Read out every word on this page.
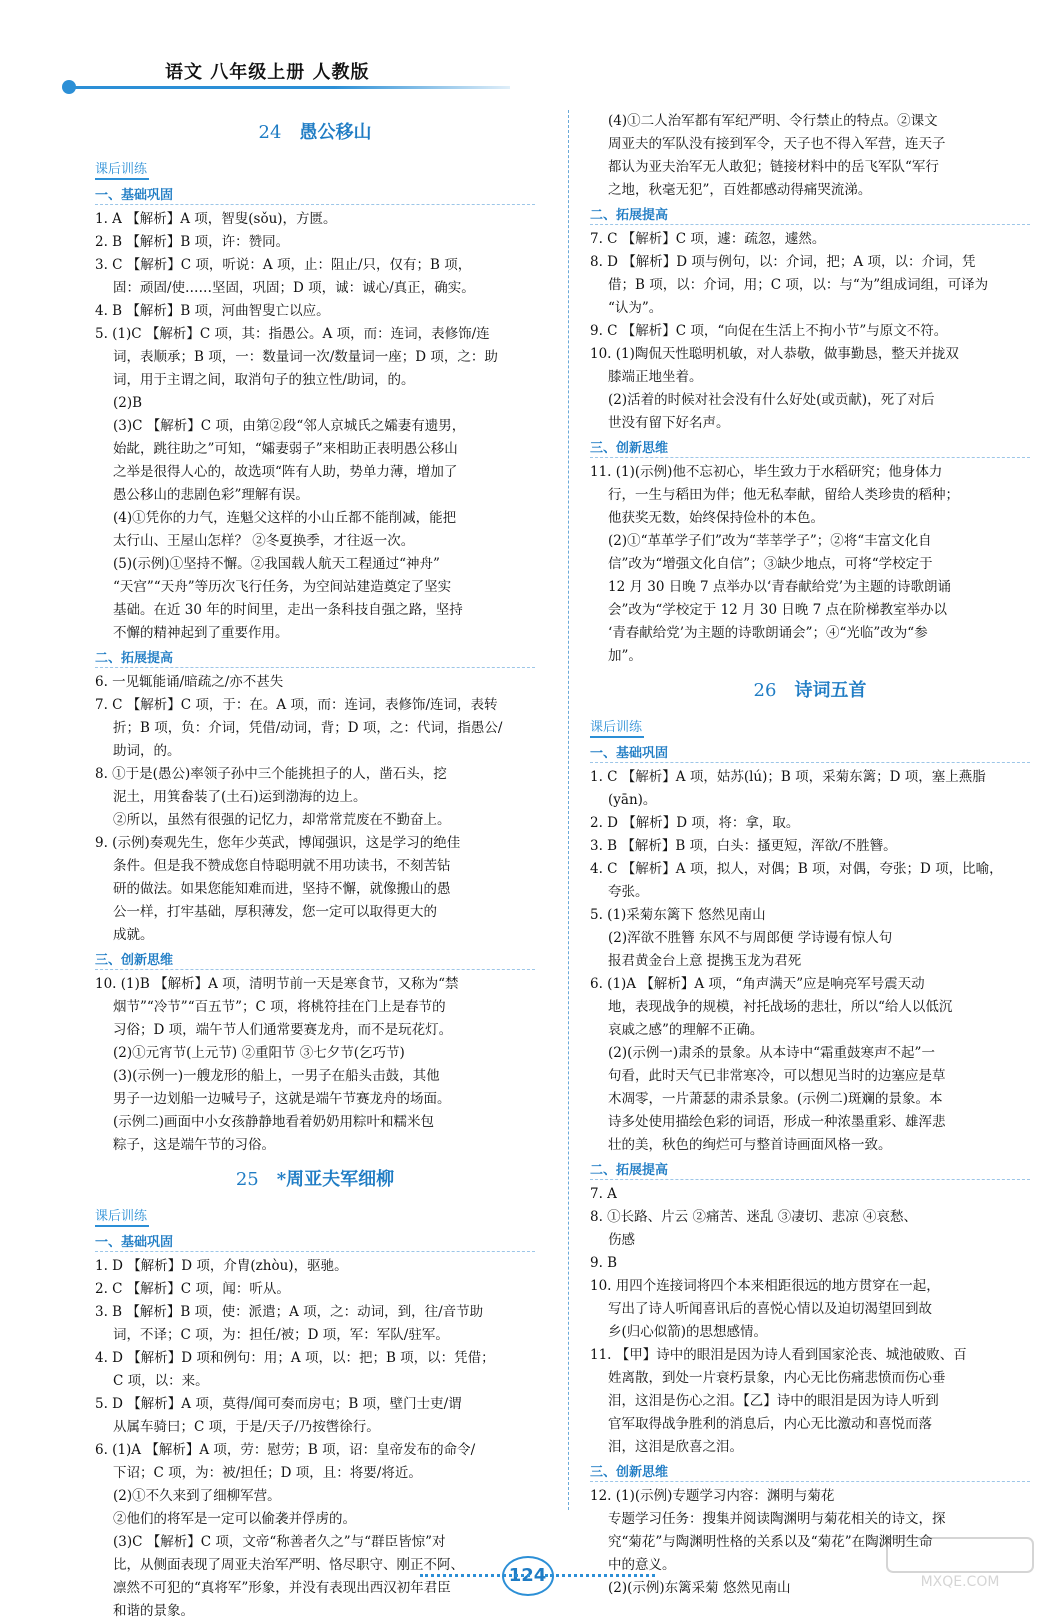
语文 八年级上册 人教版
24 愚公移山
课后训练
一、基础巩固
1. A 【解析】A 项，智叟(sǒu)，方匮。
2. B 【解析】B 项，许：赞同。
3. C 【解析】C 项，听说：A 项，止：阻止/只，仅有；B 项，
固：顽固/使……坚固，巩固；D 项，诚：诚心/真正，确实。
4. B 【解析】B 项，河曲智叟亡以应。
5. (1)C 【解析】C 项，其：指愚公。A 项，而：连词，表修饰/连
词，表顺承；B 项，一：数量词一次/数量词一座；D 项，之：助
词，用于主谓之间，取消句子的独立性/助词，的。
(2)B
(3)C 【解析】C 项，由第②段“邻人京城氏之孀妻有遗男，
始龀，跳往助之”可知，“孀妻弱子”来相助正表明愚公移山
之举是很得人心的，故选项“阵有人助，势单力薄，增加了
愚公移山的悲剧色彩”理解有误。
(4)①凭你的力气，连魁父这样的小山丘都不能削减，能把
太行山、王屋山怎样？ ②冬夏换季，才往返一次。
(5)(示例)①坚持不懈。②我国载人航天工程通过“神舟”
“天宫”“天舟”等历次飞行任务，为空间站建造奠定了坚实
基础。在近 30 年的时间里，走出一条科技自强之路，坚持
不懈的精神起到了重要作用。
二、拓展提高
6. 一见辄能诵/暗疏之/亦不甚失
7. C 【解析】C 项，于：在。A 项，而：连词，表修饰/连词，表转
折；B 项，负：介词，凭借/动词，背；D 项，之：代词，指愚公/
助词，的。
8. ①于是(愚公)率领子孙中三个能挑担子的人，凿石头，挖
泥土，用箕畚装了(土石)运到渤海的边上。
②所以，虽然有很强的记忆力，却常常荒废在不勤奋上。
9. (示例)奏观先生，您年少英武，博闻强识，这是学习的绝佳
条件。但是我不赞成您自恃聪明就不用功读书，不刻苦钻
研的做法。如果您能知难而进，坚持不懈，就像搬山的愚
公一样，打牢基础，厚积薄发，您一定可以取得更大的
成就。
三、创新思维
10. (1)B 【解析】A 项，清明节前一天是寒食节，又称为“禁
烟节”“冷节”“百五节”；C 项，将桃符挂在门上是春节的
习俗；D 项，端午节人们通常要赛龙舟，而不是玩花灯。
(2)①元宵节(上元节) ②重阳节 ③七夕节(乞巧节)
(3)(示例一)一艘龙形的船上，一男子在船头击鼓，其他
男子一边划船一边喊号子，这就是端午节赛龙舟的场面。
(示例二)画面中小女孩静静地看着奶奶用粽叶和糯米包
粽子，这是端午节的习俗。
25 *周亚夫军细柳
课后训练
一、基础巩固
1. D 【解析】D 项，介胄(zhòu)，驱驰。
2. C 【解析】C 项，闻：听从。
3. B 【解析】B 项，使：派遣；A 项，之：动词，到，往/音节助
词，不译；C 项，为：担任/被；D 项，军：军队/驻军。
4. D 【解析】D 项和例句：用；A 项，以：把；B 项，以：凭借；
C 项，以：来。
5. D 【解析】A 项，莫得/闻可奏而房屯；B 项，壁门士吏/谓
从属车骑曰；C 项，于是/天子/乃按辔徐行。
6. (1)A 【解析】A 项，劳：慰劳；B 项，诏：皇帝发布的命令/
下诏；C 项，为：被/担任；D 项，且：将要/将近。
(2)①不久来到了细柳军营。
②他们的将军是一定可以偷袭并俘虏的。
(3)C 【解析】C 项，文帝“称善者久之”与“群臣皆惊”对
比，从侧面表现了周亚夫治军严明、恪尽职守、刚正不阿、
凛然不可犯的“真将军”形象，并没有表现出西汉初年君臣
和谐的景象。
(4)①二人治军都有军纪严明、令行禁止的特点。②课文
周亚夫的军队没有接到军令，天子也不得入军营，连天子
都认为亚夫治军无人敢犯；链接材料中的岳飞军队“军行
之地，秋毫无犯”，百姓都感动得痛哭流涕。
二、拓展提高
7. C 【解析】C 项，遽：疏忽，遽然。
8. D 【解析】D 项与例句，以：介词，把；A 项，以：介词，凭
借；B 项，以：介词，用；C 项，以：与“为”组成词组，可译为
“认为”。
9. C 【解析】C 项，“向促在生活上不拘小节”与原文不符。
10. (1)陶侃天性聪明机敏，对人恭敬，做事勤恳，整天并拢双
膝端正地坐着。
(2)活着的时候对社会没有什么好处(或贡献)，死了对后
世没有留下好名声。
三、创新思维
11. (1)(示例)他不忘初心，毕生致力于水稻研究；他身体力
行，一生与稻田为伴；他无私奉献，留给人类珍贵的稻种；
他获奖无数，始终保持俭朴的本色。
(2)①“革革学子们”改为“莘莘学子”；②将“丰富文化自
信”改为“增强文化自信”；③缺少地点，可将“学校定于
12 月 30 日晚 7 点举办以‘青春献给党’为主题的诗歌朗诵
会”改为“学校定于 12 月 30 日晚 7 点在阶梯教室举办以
‘青春献给党’为主题的诗歌朗诵会”；④“光临”改为“参
加”。
26 诗词五首
课后训练
一、基础巩固
1. C 【解析】A 项，姑苏(lú)；B 项，采菊东篱；D 项，塞上燕脂
(yān)。
2. D 【解析】D 项，将：拿，取。
3. B 【解析】B 项，白头：搔更短，浑欲/不胜簪。
4. C 【解析】A 项，拟人，对偶；B 项，对偶，夸张；D 项，比喻，
夸张。
5. (1)采菊东篱下 悠然见南山
(2)浑欲不胜簪 东风不与周郎便 学诗谩有惊人句
报君黄金台上意 提携玉龙为君死
6. (1)A 【解析】A 项，“角声满天”应是响亮军号震天动
地，表现战争的规模，衬托战场的悲壮，所以“给人以低沉
哀戚之感”的理解不正确。
(2)(示例一)肃杀的景象。从本诗中“霜重鼓寒声不起”一
句看，此时天气已非常寒冷，可以想见当时的边塞应是草
木凋零，一片萧瑟的肃杀景象。(示例二)斑斓的景象。本
诗多处使用描绘色彩的词语，形成一种浓墨重彩、雄浑悲
壮的美，秋色的绚烂可与整首诗画面风格一致。
二、拓展提高
7. A
8. ①长路、片云 ②痛苦、迷乱 ③凄切、悲凉 ④哀愁、
伤感
9. B
10. 用四个连接词将四个本来相距很远的地方贯穿在一起，
写出了诗人听闻喜讯后的喜悦心情以及迫切渴望回到故
乡(归心似箭)的思想感情。
11. 【甲】诗中的眼泪是因为诗人看到国家沦丧、城池破败、百
姓离散，到处一片衰朽景象，内心无比伤痛悲愤而伤心垂
泪，这泪是伤心之泪。【乙】诗中的眼泪是因为诗人听到
官军取得战争胜利的消息后，内心无比激动和喜悦而落
泪，这泪是欣喜之泪。
三、创新思维
12. (1)(示例)专题学习内容：渊明与菊花
专题学习任务：搜集并阅读陶渊明与菊花相关的诗文，探
究“菊花”与陶渊明性格的关系以及“菊花”在陶渊明生命
中的意义。
(2)(示例)东篱采菊 悠然见南山
124	MXQE.COM
